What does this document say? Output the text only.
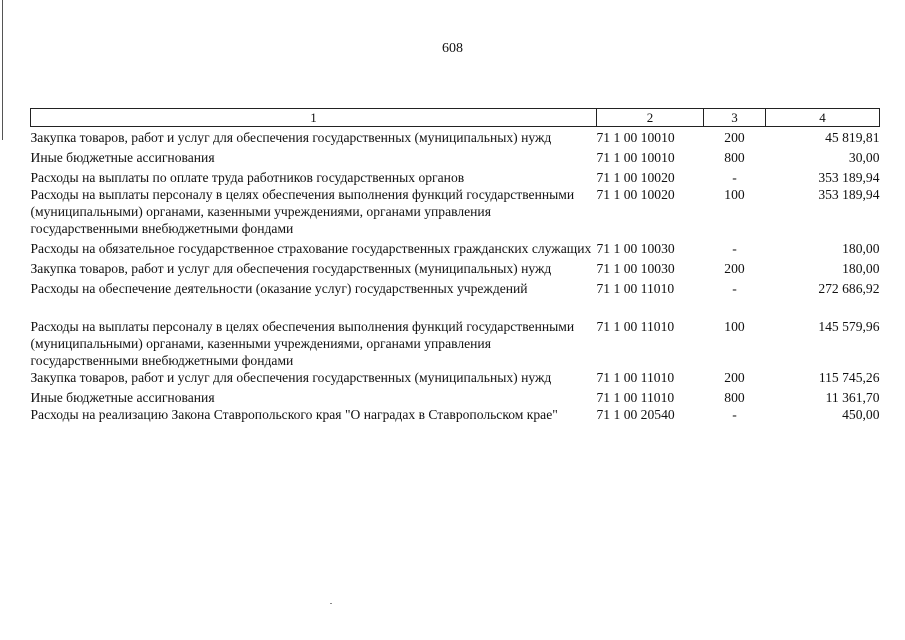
608
1	2	3	4
Закупка товаров, работ и услуг для обеспечения государственных (муниципальных) нужд	71 1 00 10010	200	45 819,81
Иные бюджетные ассигнования	71 1 00 10010	800	30,00
Расходы на выплаты по оплате труда работников государственных органов	71 1 00 10020	-	353 189,94
Расходы на выплаты персоналу в целях обеспечения выполнения функций государственными (муниципальными) органами, казенными учреждениями, органами управления государственными внебюджетными фондами	71 1 00 10020	100	353 189,94
Расходы на обязательное государственное страхование государственных гражданских служащих	71 1 00 10030	-	180,00
Закупка товаров, работ и услуг для обеспечения государственных (муниципальных) нужд	71 1 00 10030	200	180,00
Расходы на обеспечение деятельности (оказание услуг) государственных учреждений	71 1 00 11010	-	272 686,92
Расходы на выплаты персоналу в целях обеспечения выполнения функций государственными (муниципальными) органами, казенными учреждениями, органами управления государственными внебюджетными фондами	71 1 00 11010	100	145 579,96
Закупка товаров, работ и услуг для обеспечения государственных (муниципальных) нужд	71 1 00 11010	200	115 745,26
Иные бюджетные ассигнования	71 1 00 11010	800	11 361,70
Расходы на реализацию Закона Ставропольского края "О наградах в Ставропольском крае"	71 1 00 20540	-	450,00
